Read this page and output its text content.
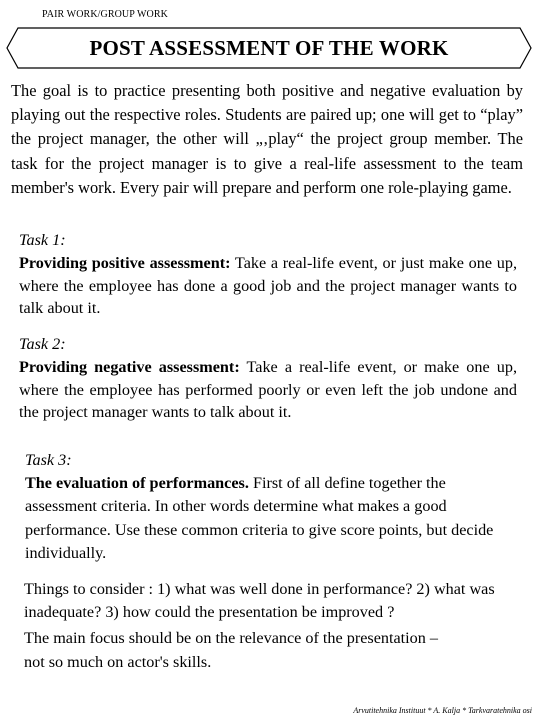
PAIR WORK/GROUP WORK
POST ASSESSMENT OF THE WORK

The goal is to practice presenting both positive and negative evaluation by playing out the respective roles. Students are paired up; one will get to “play” the project manager, the other will „‚play“ the project group member. The task for the project manager is to give a real-life assessment to the team member's work. Every pair will prepare and perform one role-playing game.

Task 1:
Providing positive assessment: Take a real-life event, or just make one up, where the employee has done a good job and the project manager wants to talk about it.
Task 2:
Providing negative assessment: Take a real-life event, or make one up, where the employee has performed poorly or even left the job undone and the project manager wants to talk about it.
Task 3:
The evaluation of performances. First of all define together the assessment criteria. In other words determine what makes a good performance. Use these common criteria to give score points, but decide individually.

Things to consider : 1) what was well done in performance? 2) what was inadequate? 3) how could the presentation be improved ?

The main focus should be on the relevance of the presentation –
not so much on actor's skills.
Arvutitehnika Instituut * A. Kalja * Tarkvaratehnika osi
